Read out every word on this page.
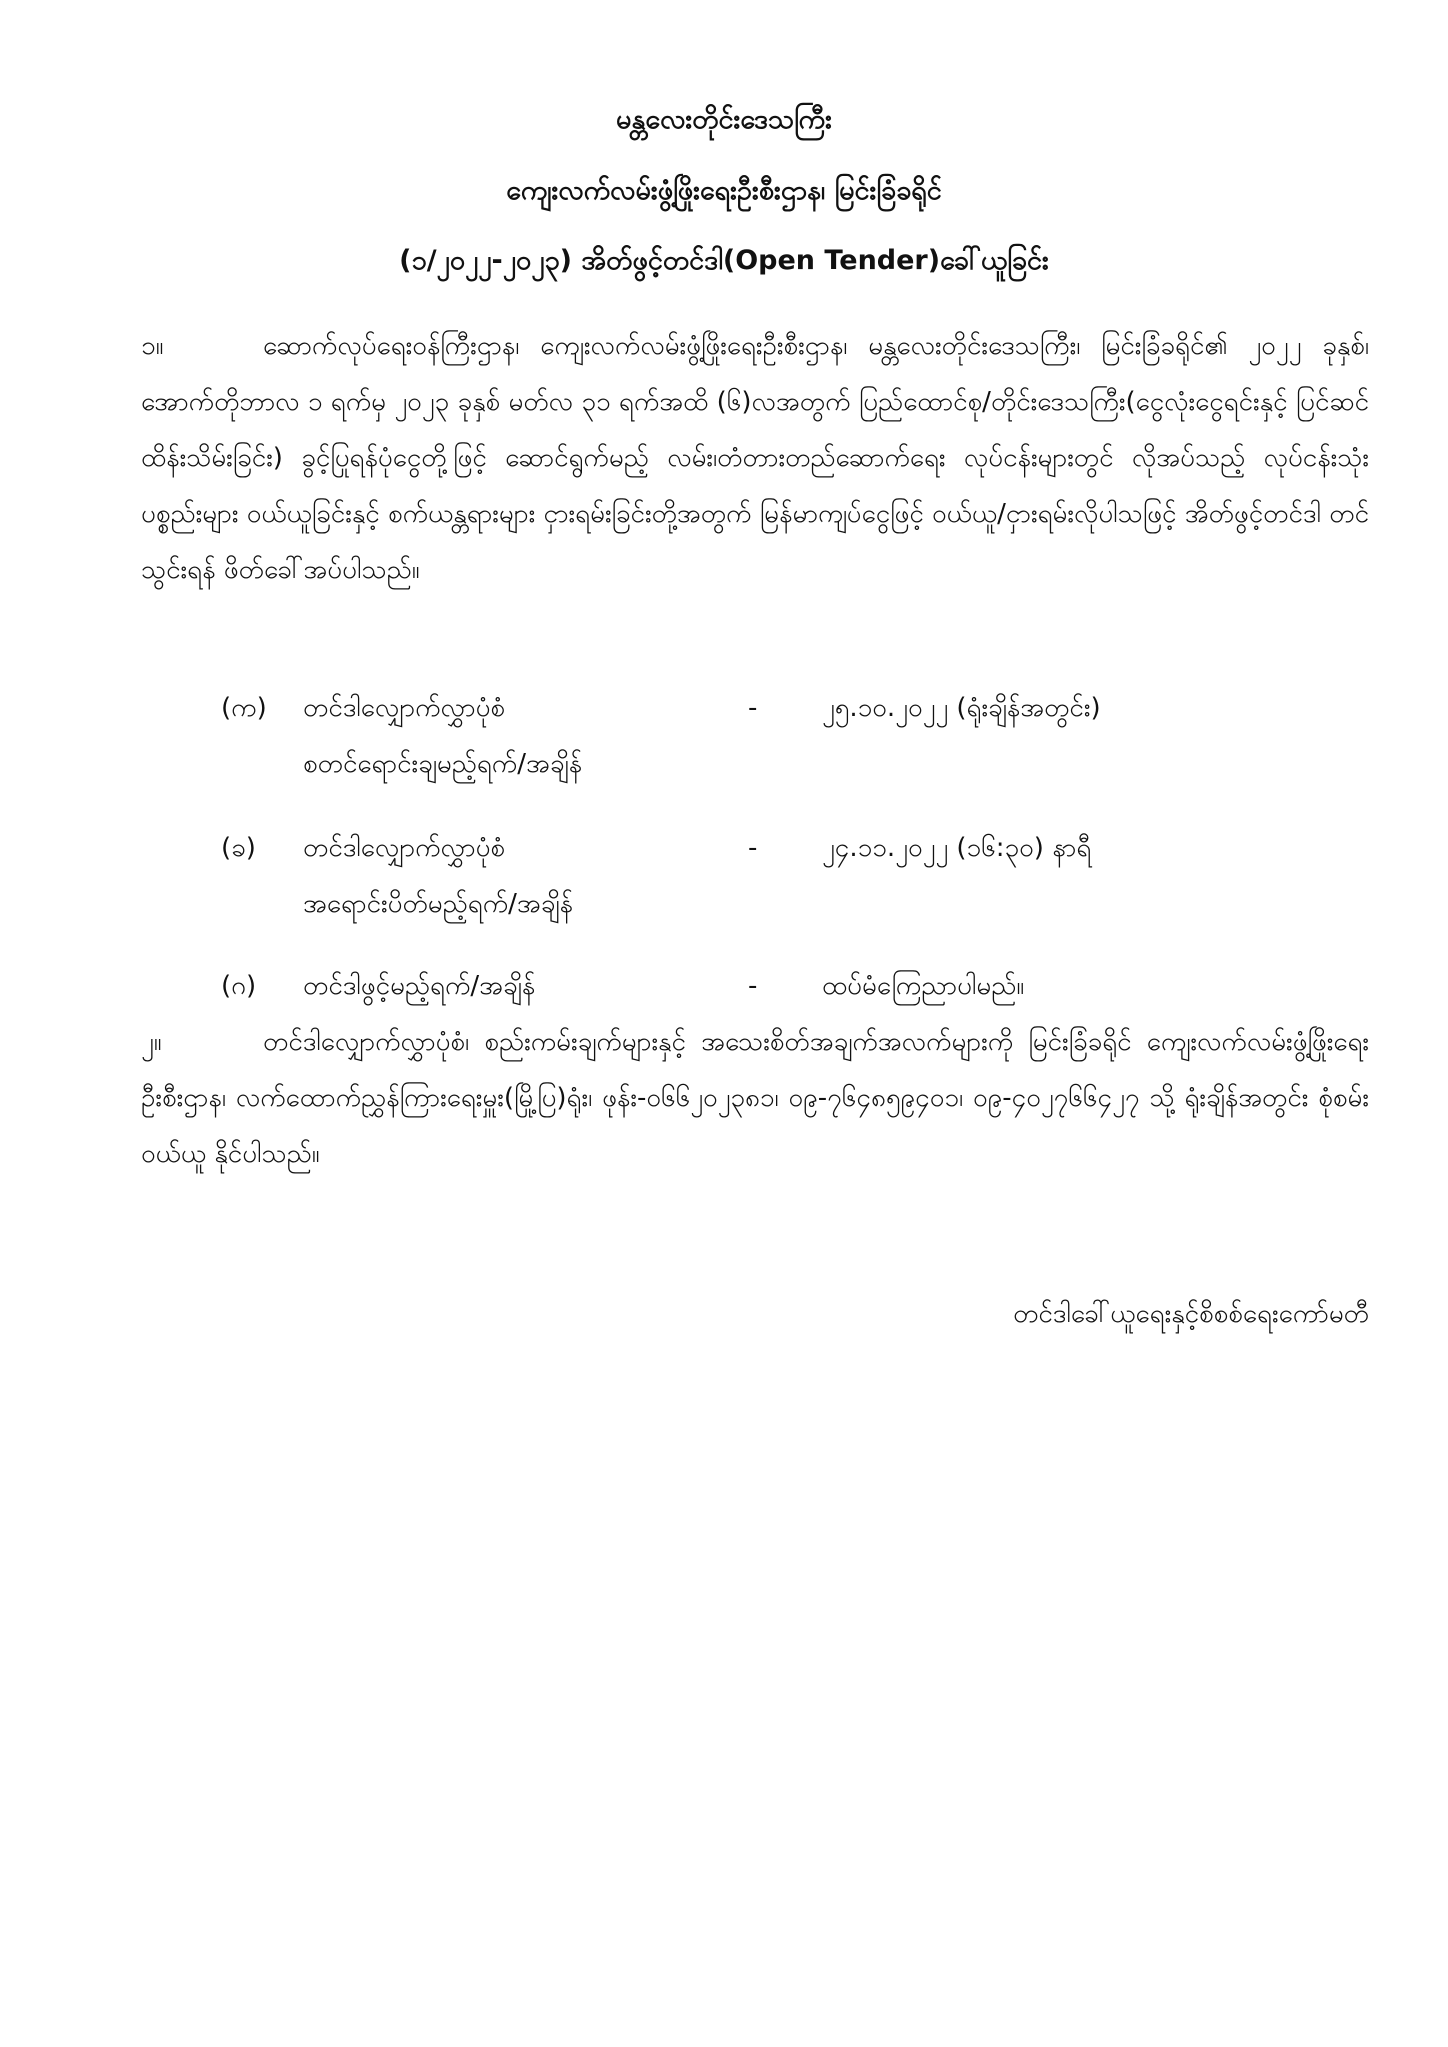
မန္တလေးတိုင်းဒေသကြီး
ကျေးလက်လမ်းဖွံ့ဖြိုးရေးဦးစီးဌာန၊ မြင်းခြံခရိုင်
(၁/၂၀၂၂-၂၀၂၃) အိတ်ဖွင့်တင်ဒါ(Open Tender)ခေါ်ယူခြင်း
၁။	ဆောက်လုပ်ရေးဝန်ကြီးဌာန၊ ကျေးလက်လမ်းဖွံ့ဖြိုးရေးဦးစီးဌာန၊ မန္တလေးတိုင်းဒေသကြီး၊ မြင်းခြံခရိုင်၏ ၂၀၂၂ ခုနှစ်၊ အောက်တိုဘာလ ၁ ရက်မှ ၂၀၂၃ ခုနှစ် မတ်လ ၃၁ ရက်အထိ (၆)လအတွက် ပြည်ထောင်စု/တိုင်းဒေသကြီး(ငွေလုံးငွေရင်းနှင့် ပြင်ဆင်ထိန်းသိမ်းခြင်း) ခွင့်ပြုရန်ပုံငွေတို့ဖြင့် ဆောင်ရွက်မည့် လမ်း၊တံတားတည်ဆောက်ရေး လုပ်ငန်းများတွင် လိုအပ်သည့် လုပ်ငန်းသုံးပစ္စည်းများ ဝယ်ယူခြင်းနှင့် စက်ယန္တရားများ ငှားရမ်းခြင်းတို့အတွက် မြန်မာကျပ်ငွေဖြင့် ဝယ်ယူ/ငှားရမ်းလိုပါသဖြင့် အိတ်ဖွင့်တင်ဒါ တင်သွင်းရန် ဖိတ်ခေါ်အပ်ပါသည်။
(က) တင်ဒါလျှောက်လွှာပုံစံ
စတင်ရောင်းချမည့်ရက်/အချိန်
- ၂၅.၁၀.၂၀၂၂ (ရုံးချိန်အတွင်း)
(ခ) တင်ဒါလျှောက်လွှာပုံစံ
အရောင်းပိတ်မည့်ရက်/အချိန်
- ၂၄.၁၁.၂၀၂၂ (၁၆:၃၀) နာရီ
(ဂ) တင်ဒါဖွင့်မည့်ရက်/အချိန်	- ထပ်မံကြေညာပါမည်။
၂။	တင်ဒါလျှောက်လွှာပုံစံ၊ စည်းကမ်းချက်များနှင့် အသေးစိတ်အချက်အလက်များကို မြင်းခြံခရိုင် ကျေးလက်လမ်းဖွံ့ဖြိုးရေးဦးစီးဌာန၊ လက်ထောက်ညွှန်ကြားရေးမှူး(မြို့ပြ)ရုံး၊ ဖုန်း-၀၆၆၂၀၂၃၈၁၊ ၀၉-၇၆၄၈၅၉၄၀၁၊ ၀၉-၄၀၂၇၆၆၄၂၇ သို့ ရုံးချိန်အတွင်း စုံစမ်းဝယ်ယူ နိုင်ပါသည်။
တင်ဒါခေါ်ယူရေးနှင့်စိစစ်ရေးကော်မတီ
